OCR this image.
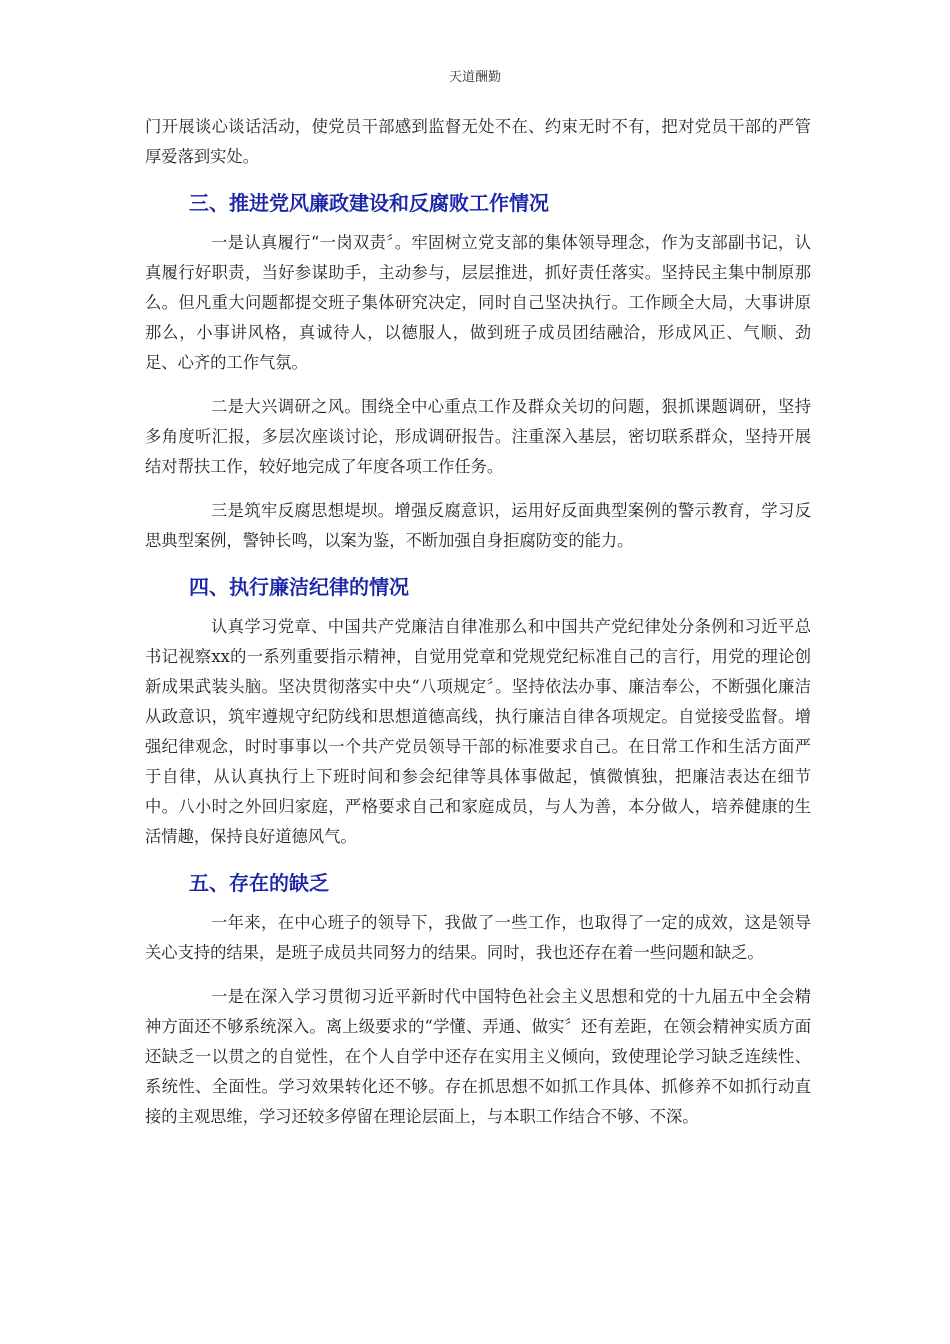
天道酬勤

门开展谈心谈话活动，使党员干部感到监督无处不在、约束无时不有，把对党员干部的严管厚爱落到实处。

三、推进党风廉政建设和反腐败工作情况

一是认真履行“一岗双责〞。牢固树立党支部的集体领导理念，作为支部副书记，认真履行好职责，当好参谋助手，主动参与，层层推进，抓好责任落实。坚持民主集中制原那么。但凡重大问题都提交班子集体研究决定，同时自己坚决执行。工作顾全大局，大事讲原那么，小事讲风格，真诚待人，以德服人，做到班子成员团结融洽，形成风正、气顺、劲足、心齐的工作气氛。

二是大兴调研之风。围绕全中心重点工作及群众关切的问题，狠抓课题调研，坚持多角度听汇报，多层次座谈讨论，形成调研报告。注重深入基层，密切联系群众，坚持开展结对帮扶工作，较好地完成了年度各项工作任务。

三是筑牢反腐思想堤坝。增强反腐意识，运用好反面典型案例的警示教育，学习反思典型案例，警钟长鸣，以案为鉴，不断加强自身拒腐防变的能力。

四、执行廉洁纪律的情况

认真学习党章、中国共产党廉洁自律准那么和中国共产党纪律处分条例和习近平总书记视察xx的一系列重要指示精神，自觉用党章和党规党纪标准自己的言行，用党的理论创新成果武装头脑。坚决贯彻落实中央“八项规定〞。坚持依法办事、廉洁奉公，不断强化廉洁从政意识，筑牢遵规守纪防线和思想道德高线，执行廉洁自律各项规定。自觉接受监督。增强纪律观念，时时事事以一个共产党员领导干部的标准要求自己。在日常工作和生活方面严于自律，从认真执行上下班时间和参会纪律等具体事做起，慎微慎独，把廉洁表达在细节中。八小时之外回归家庭，严格要求自己和家庭成员，与人为善，本分做人，培养健康的生活情趣，保持良好道德风气。

五、存在的缺乏

一年来，在中心班子的领导下，我做了一些工作，也取得了一定的成效，这是领导关心支持的结果，是班子成员共同努力的结果。同时，我也还存在着一些问题和缺乏。

一是在深入学习贯彻习近平新时代中国特色社会主义思想和党的十九届五中全会精神方面还不够系统深入。离上级要求的“学懂、弄通、做实〞还有差距，在领会精神实质方面还缺乏一以贯之的自觉性，在个人自学中还存在实用主义倾向，致使理论学习缺乏连续性、系统性、全面性。学习效果转化还不够。存在抓思想不如抓工作具体、抓修养不如抓行动直接的主观思维，学习还较多停留在理论层面上，与本职工作结合不够、不深。
